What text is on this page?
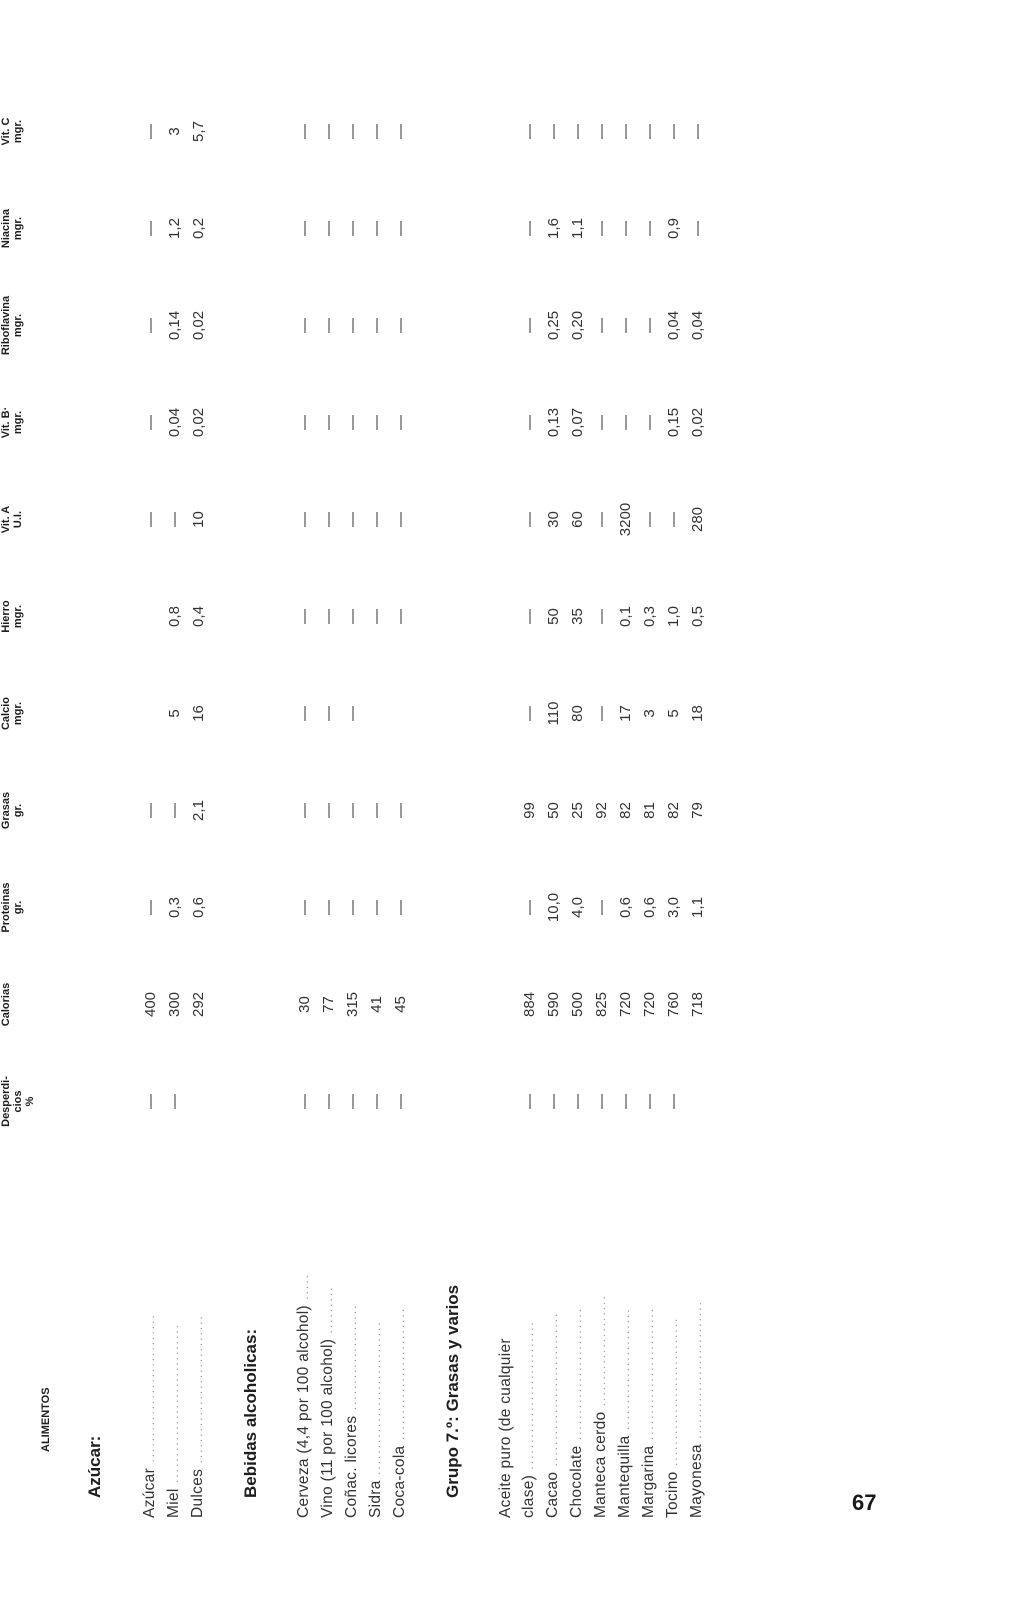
ALIMENTOS	Desperdi- cios %	Calorias	Proteinas gr.	Grasas gr.	Calcio mgr.	Hierro mgr.	Vit. A U.I.	Vit. B· mgr.	Riboflavina mgr.	Niacina mgr.	Vit. C mgr.

Azúcar:											
Azúcar ............................	—	400	—	—			—	—	—	—	—
Miel ..............................	—	300	0,3	—	5	0,8	—	0,04	0,14	1,2	3
Dulces ............................		292	0,6	2,1	16	0,4	10	0,02	0,02	0,2	5,7
Bebidas alcoholicas:											
Cerveza (4,4 por 100 alcohol) .....	—	30	—	—	—	—	—	—	—	—	—
Vino (11 por 100 alcohol) .........	—	77	—	—	—	—	—	—	—	—	—
Coñac. licores ....................	—	315	—	—	—	—	—	—	—	—	—
Sidra .............................	—	41	—	—		—	—	—	—	—	—
Coca-cola .........................	—	45	—	—		—	—	—	—	—	—
Grupo 7.º: Grasas y varios											
Aceite puro (de cualquier											
clase) ............................	—	884	—	99	—	—	—	—	—	—	—
Cacao .............................	—	590	10,0	50	110	50	30	0,13	0,25	1,6	—
Chocolate .........................	—	500	4,0	25	80	35	60	0,07	0,20	1,1	—
Manteca cerdo .....................	—	825	—	92	—	—	—	—	—	—	—
Mantequilla .......................	—	720	0,6	82	17	0,1	3200	—	—	—	—
Margarina .........................	—	720	0,6	81	3	0,3	—	—	—	—	—
Tocino ............................	—	760	3,0	82	5	1,0	—	0,15	0,04	0,9	—
Mayonesa ..........................		718	1,1	79	18	0,5	280	0,02	0,04	—	—
67
